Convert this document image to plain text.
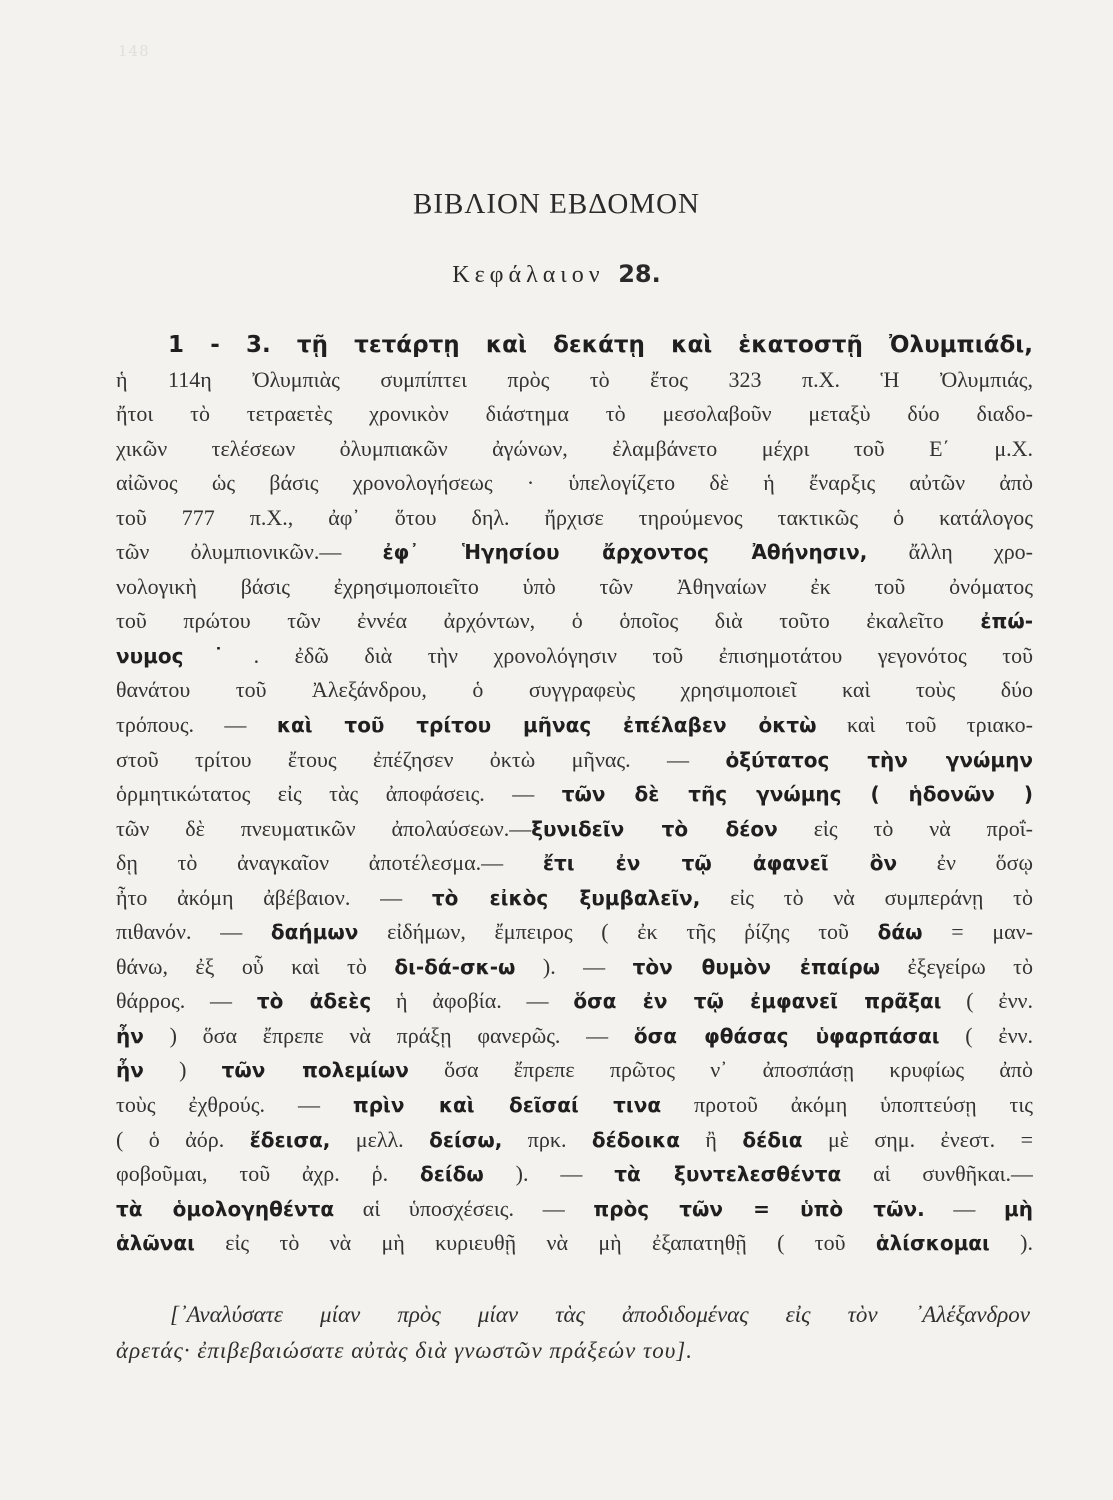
148
ΒΙΒΛΙΟΝ ΕΒΔΟΜΟΝ
Κεφάλαιον 28.
1 - 3. τῇ τετάρτῃ καὶ δεκάτῃ καὶ ἑκατοστῇ Ὀλυμπιάδι,
ἡ 114η Ὀλυμπιὰς συμπίπτει πρὸς τὸ ἔτος 323 π.Χ. Ἡ Ὀλυμπιάς,
ἤτοι τὸ τετραετὲς χρονικὸν διάστημα τὸ μεσολαβοῦν μεταξὺ δύο διαδο-
χικῶν τελέσεων ὀλυμπιακῶν ἀγώνων, ἐλαμβάνετο μέχρι τοῦ Ε΄ μ.Χ.
αἰῶνος ὡς βάσις χρονολογήσεως · ὑπελογίζετο δὲ ἡ ἔναρξις αὐτῶν ἀπὸ
τοῦ 777 π.Χ., ἀφ᾽ ὅτου δηλ. ἤρχισε τηρούμενος τακτικῶς ὁ κατάλογος
τῶν ὀλυμπιονικῶν.— ἐφ᾽ Ἡγησίου ἄρχοντος Ἀθήνησιν, ἄλλη χρο-
νολογικὴ βάσις ἐχρησιμοποιεῖτο ὑπὸ τῶν Ἀθηναίων ἐκ τοῦ ὀνόματος
τοῦ πρώτου τῶν ἐννέα ἀρχόντων, ὁ ὁποῖος διὰ τοῦτο ἐκαλεῖτο ἐπώ-
νυμος˙. ἐδῶ διὰ τὴν χρονολόγησιν τοῦ ἐπισημοτάτου γεγονότος τοῦ
θανάτου τοῦ Ἀλεξάνδρου, ὁ συγγραφεὺς χρησιμοποιεῖ καὶ τοὺς δύο
τρόπους. — καὶ τοῦ τρίτου μῆνας ἐπέλαβεν ὀκτὼ καὶ τοῦ τριακο-
στοῦ τρίτου ἔτους ἐπέζησεν ὀκτὼ μῆνας. — ὀξύτατος τὴν γνώμην
ὁρμητικώτατος εἰς τὰς ἀποφάσεις. — τῶν δὲ τῆς γνώμης ( ἡδονῶν )
τῶν δὲ πνευματικῶν ἀπολαύσεων.—ξυνιδεῖν τὸ δέον εἰς τὸ νὰ προΐ-
δῃ τὸ ἀναγκαῖον ἀποτέλεσμα.— ἔτι ἐν τῷ ἀφανεῖ ὂν ἐν ὅσῳ
ἦτο ἀκόμη ἀβέβαιον. — τὸ εἰκὸς ξυμβαλεῖν, εἰς τὸ νὰ συμπεράνῃ τὸ
πιθανόν. — δαήμων εἰδήμων, ἔμπειρος ( ἐκ τῆς ῥίζης τοῦ δάω = μαν-
θάνω, ἐξ οὗ καὶ τὸ δι-δά-σκ-ω ). — τὸν θυμὸν ἐπαίρω ἐξεγείρω τὸ
θάρρος. — τὸ ἀδεὲς ἡ ἀφοβία. — ὅσα ἐν τῷ ἐμφανεῖ πρᾶξαι ( ἐνν.
ἦν ) ὅσα ἔπρεπε νὰ πράξῃ φανερῶς. — ὅσα φθάσας ὑφαρπάσαι ( ἐνν.
ἦν ) τῶν πολεμίων ὅσα ἔπρεπε πρῶτος ν᾽ ἀποσπάσῃ κρυφίως ἀπὸ
τοὺς ἐχθρούς. — πρὶν καὶ δεῖσαί τινα προτοῦ ἀκόμη ὑποπτεύσῃ τις
( ὁ ἀόρ. ἔδεισα, μελλ. δείσω, πρκ. δέδοικα ἢ δέδια μὲ σημ. ἐνεστ. =
φοβοῦμαι, τοῦ ἀχρ. ῥ. δείδω ). — τὰ ξυντελεσθέντα αἱ συνθῆκαι.—
τὰ ὁμολογηθέντα αἱ ὑποσχέσεις. — πρὸς τῶν = ὑπὸ τῶν. — μὴ
ἁλῶναι εἰς τὸ νὰ μὴ κυριευθῇ νὰ μὴ ἐξαπατηθῇ ( τοῦ ἁλίσκομαι ).
[᾽Αναλύσατε μίαν πρὸς μίαν τὰς ἀποδιδομένας εἰς τὸν ᾽Αλέξανδρον
ἀρετάς· ἐπιβεβαιώσατε αὐτὰς διὰ γνωστῶν πράξεών του].
